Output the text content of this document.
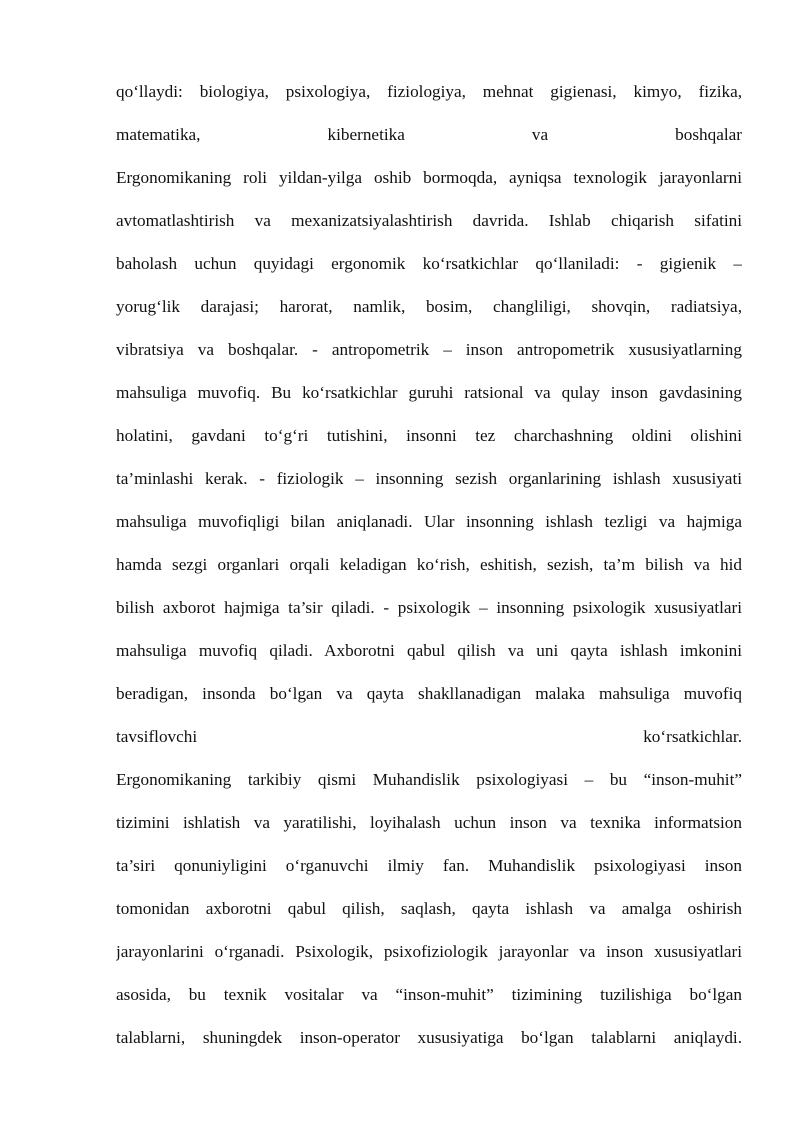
qo‘llaydi: biologiya, psixologiya, fiziologiya, mehnat gigienasi, kimyo, fizika,
matematika, kibernetika va boshqalar
Ergonomikaning roli yildan-yilga oshib bormoqda, ayniqsa texnologik jarayonlarni
avtomatlashtirish va mexanizatsiyalashtirish davrida. Ishlab chiqarish sifatini
baholash uchun quyidagi ergonomik ko‘rsatkichlar qo‘llaniladi: - gigienik –
yorug‘lik darajasi; harorat, namlik, bosim, changliligi, shovqin, radiatsiya,
vibratsiya va boshqalar. - antropometrik – inson antropometrik xususiyatlarning
mahsuliga muvofiq. Bu ko‘rsatkichlar guruhi ratsional va qulay inson gavdasining
holatini, gavdani to‘g‘ri tutishini, insonni tez charchashning oldini olishini
ta’minlashi kerak. - fiziologik – insonning sezish organlarining ishlash xususiyati
mahsuliga muvofiqligi bilan aniqlanadi. Ular insonning ishlash tezligi va hajmiga
hamda sezgi organlari orqali keladigan ko‘rish, eshitish, sezish, ta’m bilish va hid
bilish axborot hajmiga ta’sir qiladi. - psixologik – insonning psixologik xususiyatlari
mahsuliga muvofiq qiladi. Axborotni qabul qilish va uni qayta ishlash imkonini
beradigan, insonda bo‘lgan va qayta shakllanadigan malaka mahsuliga muvofiq
tavsiflovchi ko‘rsatkichlar.
Ergonomikaning tarkibiy qismi Muhandislik psixologiyasi – bu “inson-muhit”
tizimini ishlatish va yaratilishi, loyihalash uchun inson va texnika informatsion
ta’siri qonuniyligini o‘rganuvchi ilmiy fan. Muhandislik psixologiyasi inson
tomonidan axborotni qabul qilish, saqlash, qayta ishlash va amalga oshirish
jarayonlarini o‘rganadi. Psixologik, psixofiziologik jarayonlar va inson xususiyatlari
asosida, bu texnik vositalar va “inson-muhit” tizimining tuzilishiga bo‘lgan
talablarni, shuningdek inson-operator xususiyatiga bo‘lgan talablarni aniqlaydi.
